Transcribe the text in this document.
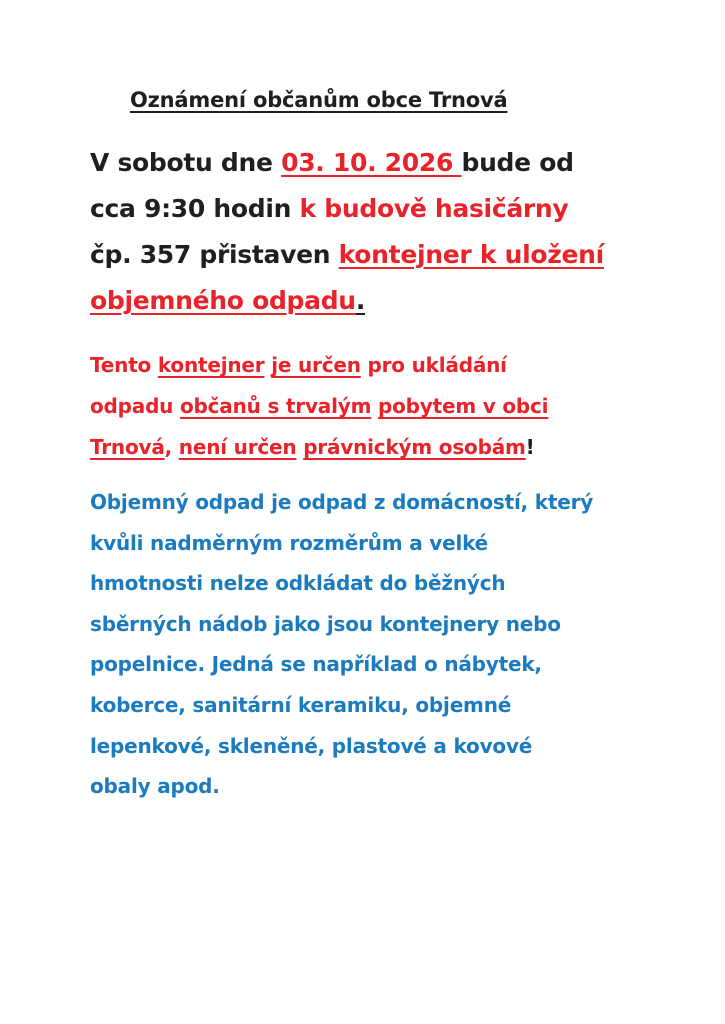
Oznámení občanům obce Trnová
V sobotu dne 03. 10. 2026 bude od
cca 9:30 hodin k budově hasičárny
čp. 357 přistaven kontejner k uložení
objemného odpadu.
Tento kontejner je určen pro ukládání
odpadu občanů s trvalým pobytem v obci
Trnová, není určen právnickým osobám!
Objemný odpad je odpad z domácností, který
kvůli nadměrným rozměrům a velké
hmotnosti nelze odkládat do běžných
sběrných nádob jako jsou kontejnery nebo
popelnice. Jedná se například o nábytek,
koberce, sanitární keramiku, objemné
lepenkové, skleněné, plastové a kovové
obaly apod.
